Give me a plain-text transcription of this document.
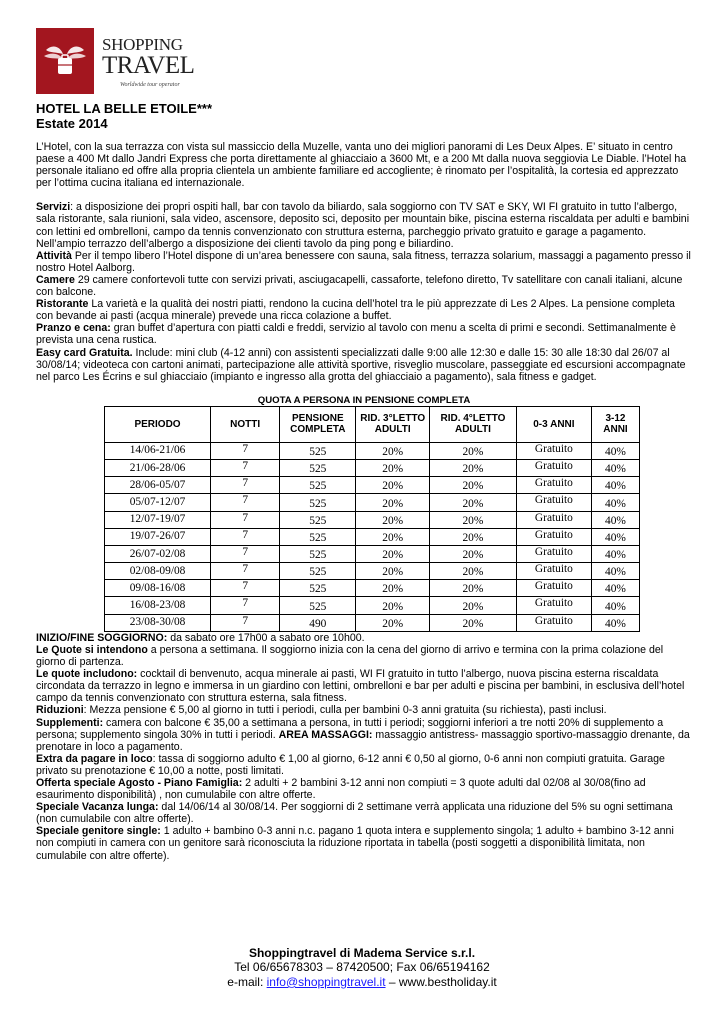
SHOPPING
TRAVEL
Worldwide tour operator
HOTEL LA BELLE ETOILE***
Estate 2014

L’Hotel, con la sua terrazza con vista sul massiccio della Muzelle, vanta uno dei migliori panorami di Les Deux Alpes. E’ situato in centro paese a 400 Mt dallo Jandri Express che porta direttamente al ghiacciaio a 3600 Mt, e a 200 Mt dalla nuova seggiovia Le Diable. l’Hotel ha personale italiano ed offre alla propria clientela un ambiente familiare ed accogliente; è rinomato per l’ospitalità, la cortesia ed apprezzato per l’ottima cucina italiana ed internazionale.

Servizi: a disposizione dei propri ospiti hall, bar con tavolo da biliardo, sala soggiorno con TV SAT e SKY, WI FI gratuito in tutto l’albergo, sala ristorante, sala riunioni, sala video, ascensore, deposito sci, deposito per mountain bike, piscina esterna riscaldata per adulti e bambini con lettini ed ombrelloni, campo da tennis convenzionato con struttura esterna, parcheggio privato gratuito e garage a pagamento. Nell’ampio terrazzo dell’albergo a disposizione dei clienti tavolo da ping pong e biliardino.

Attività Per il tempo libero l’Hotel dispone di un’area benessere con sauna, sala fitness, terrazza solarium, massaggi a pagamento presso il nostro Hotel Aalborg.

Camere 29 camere confortevoli tutte con servizi privati, asciugacapelli, cassaforte, telefono diretto, Tv satellitare con canali italiani, alcune con balcone.

Ristorante La varietà e la qualità dei nostri piatti, rendono la cucina dell’hotel tra le più apprezzate di Les 2 Alpes. La pensione completa con bevande ai pasti (acqua minerale) prevede una ricca colazione a buffet.

Pranzo e cena: gran buffet d’apertura con piatti caldi e freddi, servizio al tavolo con menu a scelta di primi e secondi. Settimanalmente è prevista una cena rustica.

Easy card Gratuita. Include: mini club (4-12 anni) con assistenti specializzati dalle 9:00 alle 12:30 e dalle 15: 30 alle 18:30 dal 26/07 al 30/08/14; videoteca con cartoni animati, partecipazione alle attività sportive, risveglio muscolare, passeggiate ed escursioni accompagnate nel parco Les Écrins e sul ghiacciaio (impianto e ingresso alla grotta del ghiacciaio a pagamento), sala fitness e gadget.

QUOTA A PERSONA IN PENSIONE COMPLETA
PERIODO	NOTTI	PENSIONE COMPLETA	RID. 3°LETTO ADULTI	RID. 4°LETTO ADULTI	0-3 ANNI	3-12 ANNI
14/06-21/06	7	525	20%	20%	Gratuito	40%
21/06-28/06	7	525	20%	20%	Gratuito	40%
28/06-05/07	7	525	20%	20%	Gratuito	40%
05/07-12/07	7	525	20%	20%	Gratuito	40%
12/07-19/07	7	525	20%	20%	Gratuito	40%
19/07-26/07	7	525	20%	20%	Gratuito	40%
26/07-02/08	7	525	20%	20%	Gratuito	40%
02/08-09/08	7	525	20%	20%	Gratuito	40%
09/08-16/08	7	525	20%	20%	Gratuito	40%
16/08-23/08	7	525	20%	20%	Gratuito	40%
23/08-30/08	7	490	20%	20%	Gratuito	40%

INIZIO/FINE SOGGIORNO: da sabato ore 17h00 a sabato ore 10h00.

Le Quote si intendono a persona a settimana. Il soggiorno inizia con la cena del giorno di arrivo e termina con la prima colazione del giorno di partenza.

Le quote includono: cocktail di benvenuto, acqua minerale ai pasti, WI FI gratuito in tutto l’albergo, nuova piscina esterna riscaldata circondata da terrazzo in legno e immersa in un giardino con lettini, ombrelloni e bar per adulti e piscina per bambini, in esclusiva dell’hotel campo da tennis convenzionato con struttura esterna, sala fitness.

Riduzioni: Mezza pensione € 5,00 al giorno in tutti i periodi, culla per bambini 0-3 anni gratuita (su richiesta), pasti inclusi.

Supplementi: camera con balcone € 35,00 a settimana a persona, in tutti i periodi; soggiorni inferiori a tre notti 20% di supplemento a persona; supplemento singola 30% in tutti i periodi. AREA MASSAGGI: massaggio antistress- massaggio sportivo-massaggio drenante, da prenotare in loco a pagamento.

Extra da pagare in loco: tassa di soggiorno adulto € 1,00 al giorno, 6-12 anni € 0,50 al giorno, 0-6 anni non compiuti gratuita. Garage privato su prenotazione € 10,00 a notte, posti limitati.

Offerta speciale Agosto - Piano Famiglia: 2 adulti + 2 bambini 3-12 anni non compiuti = 3 quote adulti dal 02/08 al 30/08(fino ad esaurimento disponibilità) , non cumulabile con altre offerte.

Speciale Vacanza lunga: dal 14/06/14 al 30/08/14. Per soggiorni di 2 settimane verrà applicata una riduzione del 5% su ogni settimana (non cumulabile con altre offerte).

Speciale genitore single: 1 adulto + bambino 0-3 anni n.c. pagano 1 quota intera e supplemento singola; 1 adulto + bambino 3-12 anni non compiuti in camera con un genitore sarà riconosciuta la riduzione riportata in tabella (posti soggetti a disponibilità limitata, non cumulabile con altre offerte).

Shoppingtravel di Madema Service s.r.l.
Tel 06/65678303 – 87420500; Fax 06/65194162
e-mail: info@shoppingtravel.it – www.bestholiday.it
